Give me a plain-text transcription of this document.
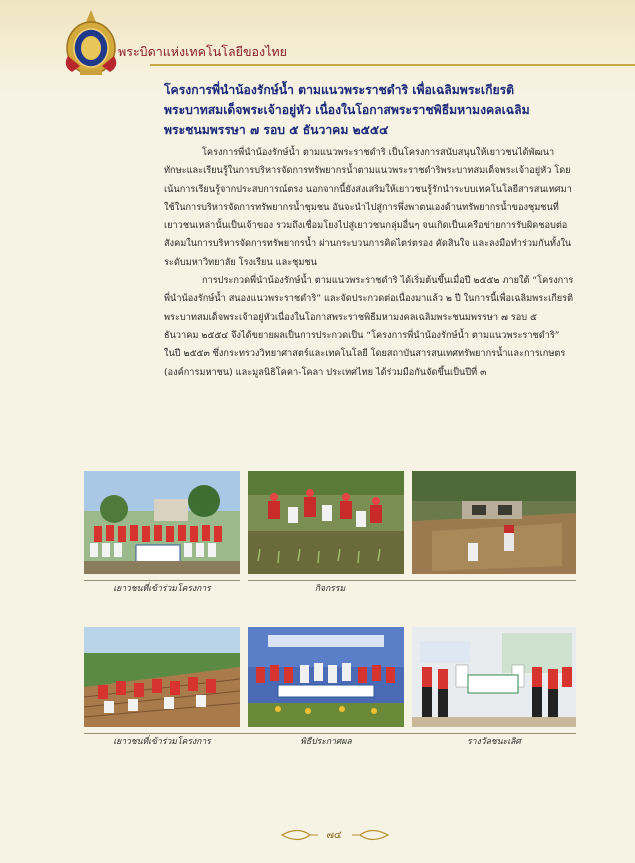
พระบิดาแห่งเทคโนโลยีของไทย
โครงการพี่นำน้องรักษ์น้ำ ตามแนวพระราชดำริ เพื่อเฉลิมพระเกียรติ
พระบาทสมเด็จพระเจ้าอยู่หัว เนื่องในโอกาสพระราชพิธีมหามงคลเฉลิม
พระชนมพรรษา ๗ รอบ ๕ ธันวาคม ๒๕๕๔

โครงการพี่นำน้องรักษ์น้ำ ตามแนวพระราชดำริ เป็นโครงการสนับสนุนให้เยาวชนได้พัฒนาทักษะและเรียนรู้ในการบริหารจัดการทรัพยากรน้ำตามแนวพระราชดำริพระบาทสมเด็จพระเจ้าอยู่หัว โดยเน้นการเรียนรู้จากประสบการณ์ตรง นอกจากนี้ยังส่งเสริมให้เยาวชนรู้รักนำระบบเทคโนโลยีสารสนเทศมาใช้ในการบริหารจัดการทรัพยากรน้ำชุมชน อันจะนำไปสู่การพึ่งพาตนเองด้านทรัพยากรน้ำของชุมชนที่เยาวชนเหล่านั้นเป็นเจ้าของ รวมถึงเชื่อมโยงไปสู่เยาวชนกลุ่มอื่นๆ จนเกิดเป็นเครือข่ายการรับผิดชอบต่อสังคมในการบริหารจัดการทรัพยากรน้ำ ผ่านกระบวนการคิดไตร่ตรอง คัดสินใจ และลงมือทำร่วมกันทั้งในระดับมหาวิทยาลัย โรงเรียน และชุมชน

การประกวดพี่นำน้องรักษ์น้ำ ตามแนวพระราชดำริ ได้เริ่มต้นขึ้นเมื่อปี ๒๕๕๒ ภายใต้ “โครงการพี่นำน้องรักษ์น้ำ สนองแนวพระราชดำริ” และจัดประกวดต่อเนื่องมาแล้ว ๒ ปี ในการนี้เพื่อเฉลิมพระเกียรติพระบาทสมเด็จพระเจ้าอยู่หัวเนื่องในโอกาสพระราชพิธีมหามงคลเฉลิมพระชนมพรรษา ๗ รอบ ๕ ธันวาคม ๒๕๕๔ จึงได้ขยายผลเป็นการประกวดเป็น “โครงการพี่นำน้องรักษ์น้ำ ตามแนวพระราชดำริ” ในปี ๒๕๕๓ ซึ่งกระทรวงวิทยาศาสตร์และเทคโนโลยี โดยสถาบันสารสนเทศทรัพยากรน้ำและการเกษตร (องค์การมหาชน) และมูลนิธิโคคา-โคลา ประเทศไทย ได้ร่วมมือกันจัดขึ้นเป็นปีที่ ๓

เยาวชนที่เข้าร่วมโครงการ	กิจกรรม
เยาวชนที่เข้าร่วมโครงการ	พิธีประกาศผล	รางวัลชนะเลิศ
๗๔
